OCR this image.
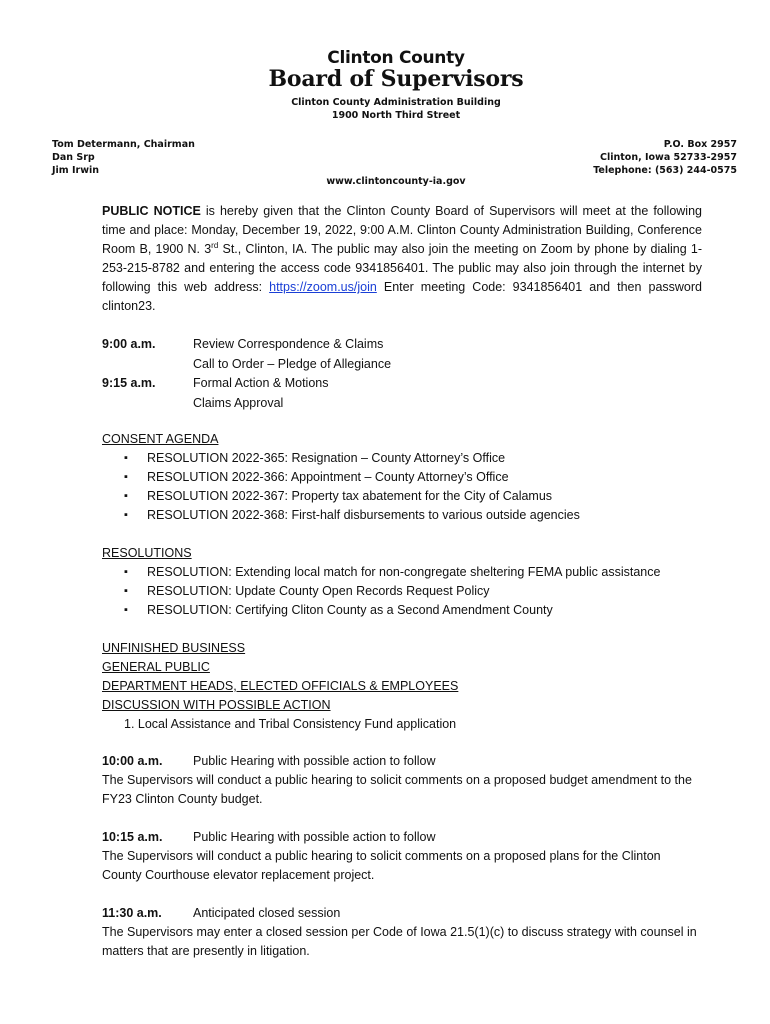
Clinton County
Board of Supervisors
Clinton County Administration Building
1900 North Third Street
Tom Determann, Chairman
Dan Srp
Jim Irwin
P.O. Box 2957
Clinton, Iowa 52733-2957
Telephone: (563) 244-0575
www.clintoncounty-ia.gov
PUBLIC NOTICE is hereby given that the Clinton County Board of Supervisors will meet at the following time and place: Monday, December 19, 2022, 9:00 A.M. Clinton County Administration Building, Conference Room B, 1900 N. 3rd St., Clinton, IA. The public may also join the meeting on Zoom by phone by dialing 1-253-215-8782 and entering the access code 9341856401. The public may also join through the internet by following this web address: https://zoom.us/join Enter meeting Code: 9341856401 and then password clinton23.
9:00 a.m.	Review Correspondence & Claims
Call to Order – Pledge of Allegiance
9:15 a.m.	Formal Action & Motions
Claims Approval
CONSENT AGENDA
▪ RESOLUTION 2022-365: Resignation – County Attorney’s Office
▪ RESOLUTION 2022-366: Appointment – County Attorney’s Office
▪ RESOLUTION 2022-367: Property tax abatement for the City of Calamus
▪ RESOLUTION 2022-368: First-half disbursements to various outside agencies
RESOLUTIONS
▪ RESOLUTION: Extending local match for non-congregate sheltering FEMA public assistance
▪ RESOLUTION: Update County Open Records Request Policy
▪ RESOLUTION: Certifying Cliton County as a Second Amendment County
UNFINISHED BUSINESS
GENERAL PUBLIC
DEPARTMENT HEADS, ELECTED OFFICIALS & EMPLOYEES
DISCUSSION WITH POSSIBLE ACTION
1. Local Assistance and Tribal Consistency Fund application
10:00 a.m. Public Hearing with possible action to follow
The Supervisors will conduct a public hearing to solicit comments on a proposed budget amendment to the FY23 Clinton County budget.
10:15 a.m. Public Hearing with possible action to follow
The Supervisors will conduct a public hearing to solicit comments on a proposed plans for the Clinton County Courthouse elevator replacement project.
11:30 a.m. Anticipated closed session
The Supervisors may enter a closed session per Code of Iowa 21.5(1)(c) to discuss strategy with counsel in matters that are presently in litigation.
